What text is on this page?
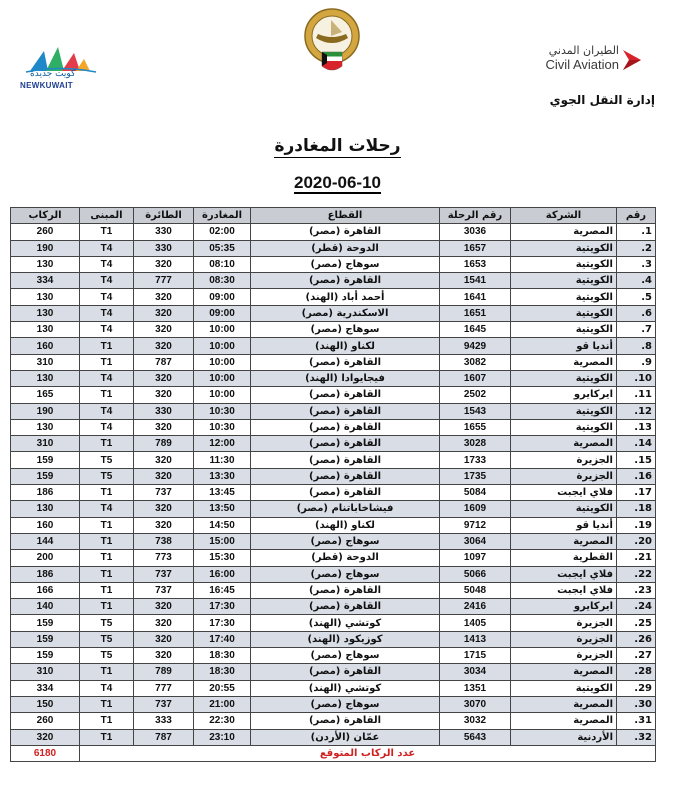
كويت جديدة
NEWKUWAIT
الطيران المدني
Civil Aviation
إدارة النقل الجوي
رحلات المغادرة
2020-06-10
رقم	الشركة	رقم الرحلة	القطاع	المغادرة	الطائرة	المبنى	الركاب
1.	المصرية	3036	القاهرة (مصر)	02:00	330	T1	260
2.	الكويتية	1657	الدوحة (قطر)	05:35	330	T4	190
3.	الكويتية	1653	سوهاج (مصر)	08:10	320	T4	130
4.	الكويتية	1541	القاهرة (مصر)	08:30	777	T4	334
5.	الكويتية	1641	أحمد أباد (الهند)	09:00	320	T4	130
6.	الكويتية	1651	الاسكندرية (مصر)	09:00	320	T4	130
7.	الكويتية	1645	سوهاج (مصر)	10:00	320	T4	130
8.	أنديا قو	9429	لكناو (الهند)	10:00	320	T1	160
9.	المصرية	3082	القاهرة (مصر)	10:00	787	T1	310
10.	الكويتية	1607	فيجايوادا (الهند)	10:00	320	T4	130
11.	ايركايرو	2502	القاهرة (مصر)	10:00	320	T1	165
12.	الكويتية	1543	القاهرة (مصر)	10:30	330	T4	190
13.	الكويتية	1655	القاهرة (مصر)	10:30	320	T4	130
14.	المصرية	3028	القاهرة (مصر)	12:00	789	T1	310
15.	الجزيرة	1733	القاهرة (مصر)	11:30	320	T5	159
16.	الجزيرة	1735	القاهرة (مصر)	13:30	320	T5	159
17.	فلاي ايجبت	5084	القاهرة (مصر)	13:45	737	T1	186
18.	الكويتية	1609	فيشاخاباتنام (مصر)	13:50	320	T4	130
19.	أنديا قو	9712	لكناو (الهند)	14:50	320	T1	160
20.	المصرية	3064	سوهاج (مصر)	15:00	738	T1	144
21.	القطرية	1097	الدوحة (قطر)	15:30	773	T1	200
22.	فلاي ايجبت	5066	سوهاج (مصر)	16:00	737	T1	186
23.	فلاي ايجبت	5048	القاهرة (مصر)	16:45	737	T1	166
24.	ايركايرو	2416	القاهرة (مصر)	17:30	320	T1	140
25.	الجزيرة	1405	كوتشي (الهند)	17:30	320	T5	159
26.	الجزيرة	1413	كوزيكود (الهند)	17:40	320	T5	159
27.	الجزيرة	1715	سوهاج (مصر)	18:30	320	T5	159
28.	المصرية	3034	القاهرة (مصر)	18:30	789	T1	310
29.	الكويتية	1351	كوتشي (الهند)	20:55	777	T4	334
30.	المصرية	3070	سوهاج (مصر)	21:00	737	T1	150
31.	المصرية	3032	القاهرة (مصر)	22:30	333	T1	260
32.	الأردنية	5643	عمّان (الأردن)	23:10	787	T1	320
عدد الركاب المتوقع							6180
